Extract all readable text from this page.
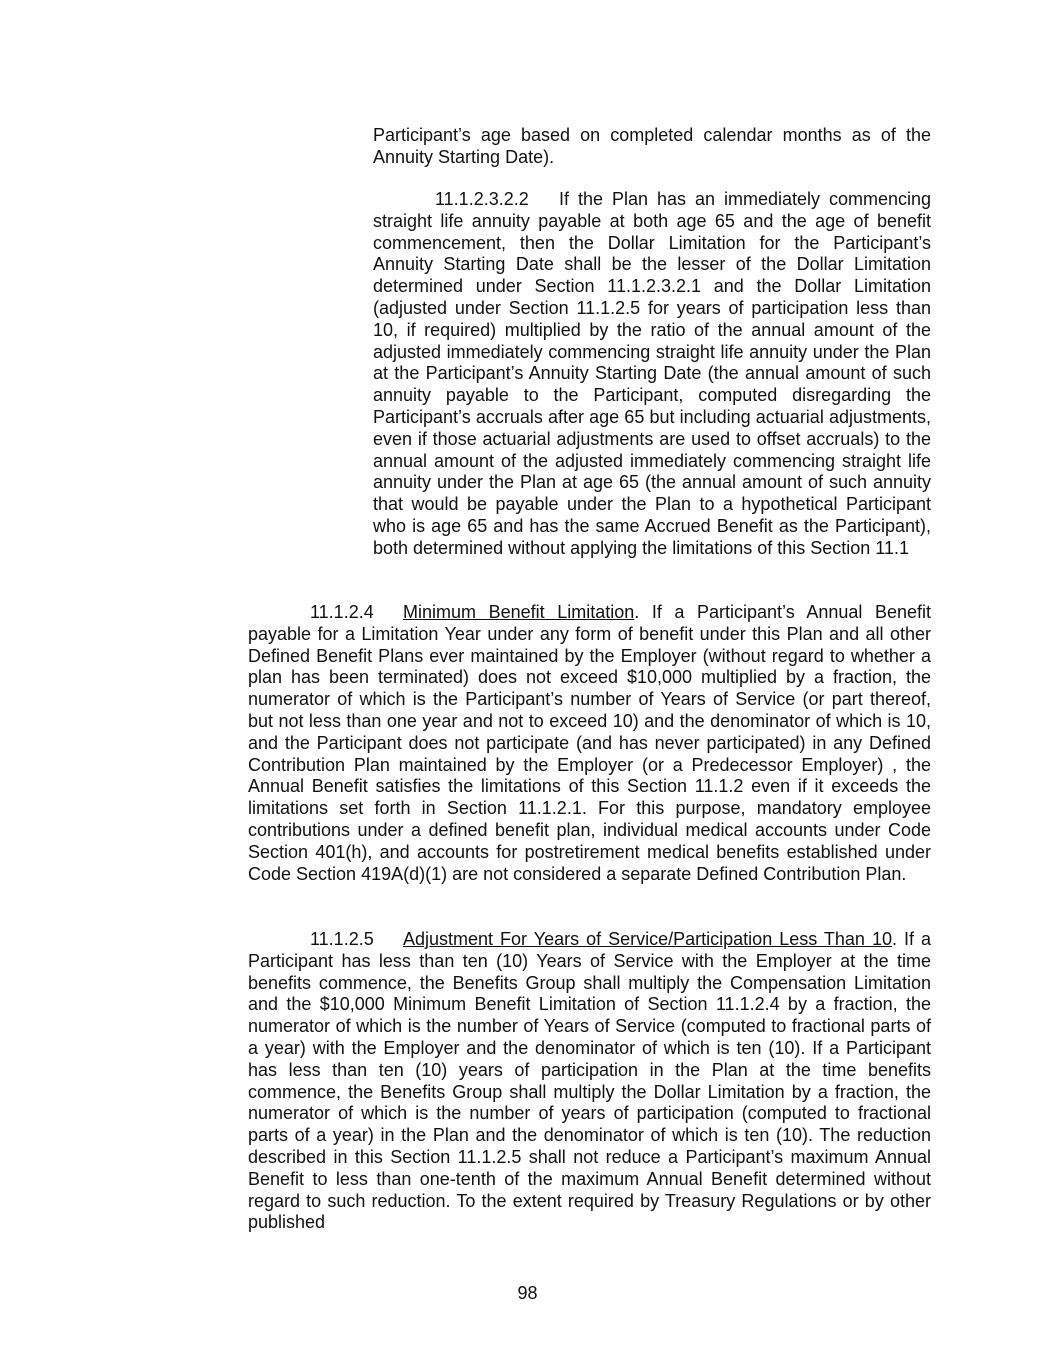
Participant’s age based on completed calendar months as of the Annuity Starting Date).

11.1.2.3.2.2 If the Plan has an immediately commencing straight life annuity payable at both age 65 and the age of benefit commencement, then the Dollar Limitation for the Participant’s Annuity Starting Date shall be the lesser of the Dollar Limitation determined under Section 11.1.2.3.2.1 and the Dollar Limitation (adjusted under Section 11.1.2.5 for years of participation less than 10, if required) multiplied by the ratio of the annual amount of the adjusted immediately commencing straight life annuity under the Plan at the Participant’s Annuity Starting Date (the annual amount of such annuity payable to the Participant, computed disregarding the Participant’s accruals after age 65 but including actuarial adjustments, even if those actuarial adjustments are used to offset accruals) to the annual amount of the adjusted immediately commencing straight life annuity under the Plan at age 65 (the annual amount of such annuity that would be payable under the Plan to a hypothetical Participant who is age 65 and has the same Accrued Benefit as the Participant), both determined without applying the limitations of this Section 11.1

11.1.2.4 Minimum Benefit Limitation. If a Participant’s Annual Benefit payable for a Limitation Year under any form of benefit under this Plan and all other Defined Benefit Plans ever maintained by the Employer (without regard to whether a plan has been terminated) does not exceed $10,000 multiplied by a fraction, the numerator of which is the Participant’s number of Years of Service (or part thereof, but not less than one year and not to exceed 10) and the denominator of which is 10, and the Participant does not participate (and has never participated) in any Defined Contribution Plan maintained by the Employer (or a Predecessor Employer) , the Annual Benefit satisfies the limitations of this Section 11.1.2 even if it exceeds the limitations set forth in Section 11.1.2.1. For this purpose, mandatory employee contributions under a defined benefit plan, individual medical accounts under Code Section 401(h), and accounts for postretirement medical benefits established under Code Section 419A(d)(1) are not considered a separate Defined Contribution Plan.

11.1.2.5 Adjustment For Years of Service/Participation Less Than 10. If a Participant has less than ten (10) Years of Service with the Employer at the time benefits commence, the Benefits Group shall multiply the Compensation Limitation and the $10,000 Minimum Benefit Limitation of Section 11.1.2.4 by a fraction, the numerator of which is the number of Years of Service (computed to fractional parts of a year) with the Employer and the denominator of which is ten (10). If a Participant has less than ten (10) years of participation in the Plan at the time benefits commence, the Benefits Group shall multiply the Dollar Limitation by a fraction, the numerator of which is the number of years of participation (computed to fractional parts of a year) in the Plan and the denominator of which is ten (10). The reduction described in this Section 11.1.2.5 shall not reduce a Participant’s maximum Annual Benefit to less than one-tenth of the maximum Annual Benefit determined without regard to such reduction. To the extent required by Treasury Regulations or by other published

98
